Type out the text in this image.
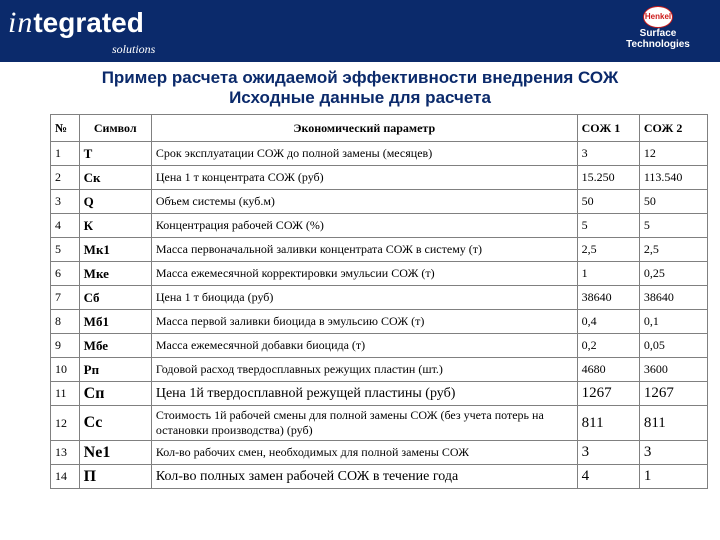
integrated
solutions
Henkel
Surface
Technologies
Пример расчета ожидаемой эффективности внедрения СОЖ
Исходные данные для расчета
№	Символ	Экономический параметр	СОЖ 1	СОЖ 2
1	T	Срок эксплуатации СОЖ до полной замены (месяцев)	3	12
2	Cк	Цена 1 т концентрата СОЖ (руб)	15.250	113.540
3	Q	Объем системы (куб.м)	50	50
4	К	Концентрация рабочей СОЖ (%)	5	5
5	Мк1	Масса первоначальной заливки концентрата СОЖ в систему (т)	2,5	2,5
6	Мке	Масса ежемесячной корректировки эмульсии СОЖ (т)	1	0,25
7	Cб	Цена 1 т биоцида (руб)	38640	38640
8	Мб1	Масса первой заливки биоцида в эмульсию СОЖ (т)	0,4	0,1
9	Мбе	Масса ежемесячной добавки биоцида (т)	0,2	0,05
10	Рп	Годовой расход твердосплавных режущих пластин (шт.)	4680	3600
11	Cп	Цена 1й твердосплавной режущей пластины (руб)	1267	1267
12	Cс	Стоимость 1й рабочей смены для полной замены СОЖ (без учета потерь на остановки производства) (руб)	811	811
13	Nе1	Кол-во рабочих смен, необходимых для полной замены СОЖ	3	3
14	П	Кол-во полных замен рабочей СОЖ в течение года	4	1
